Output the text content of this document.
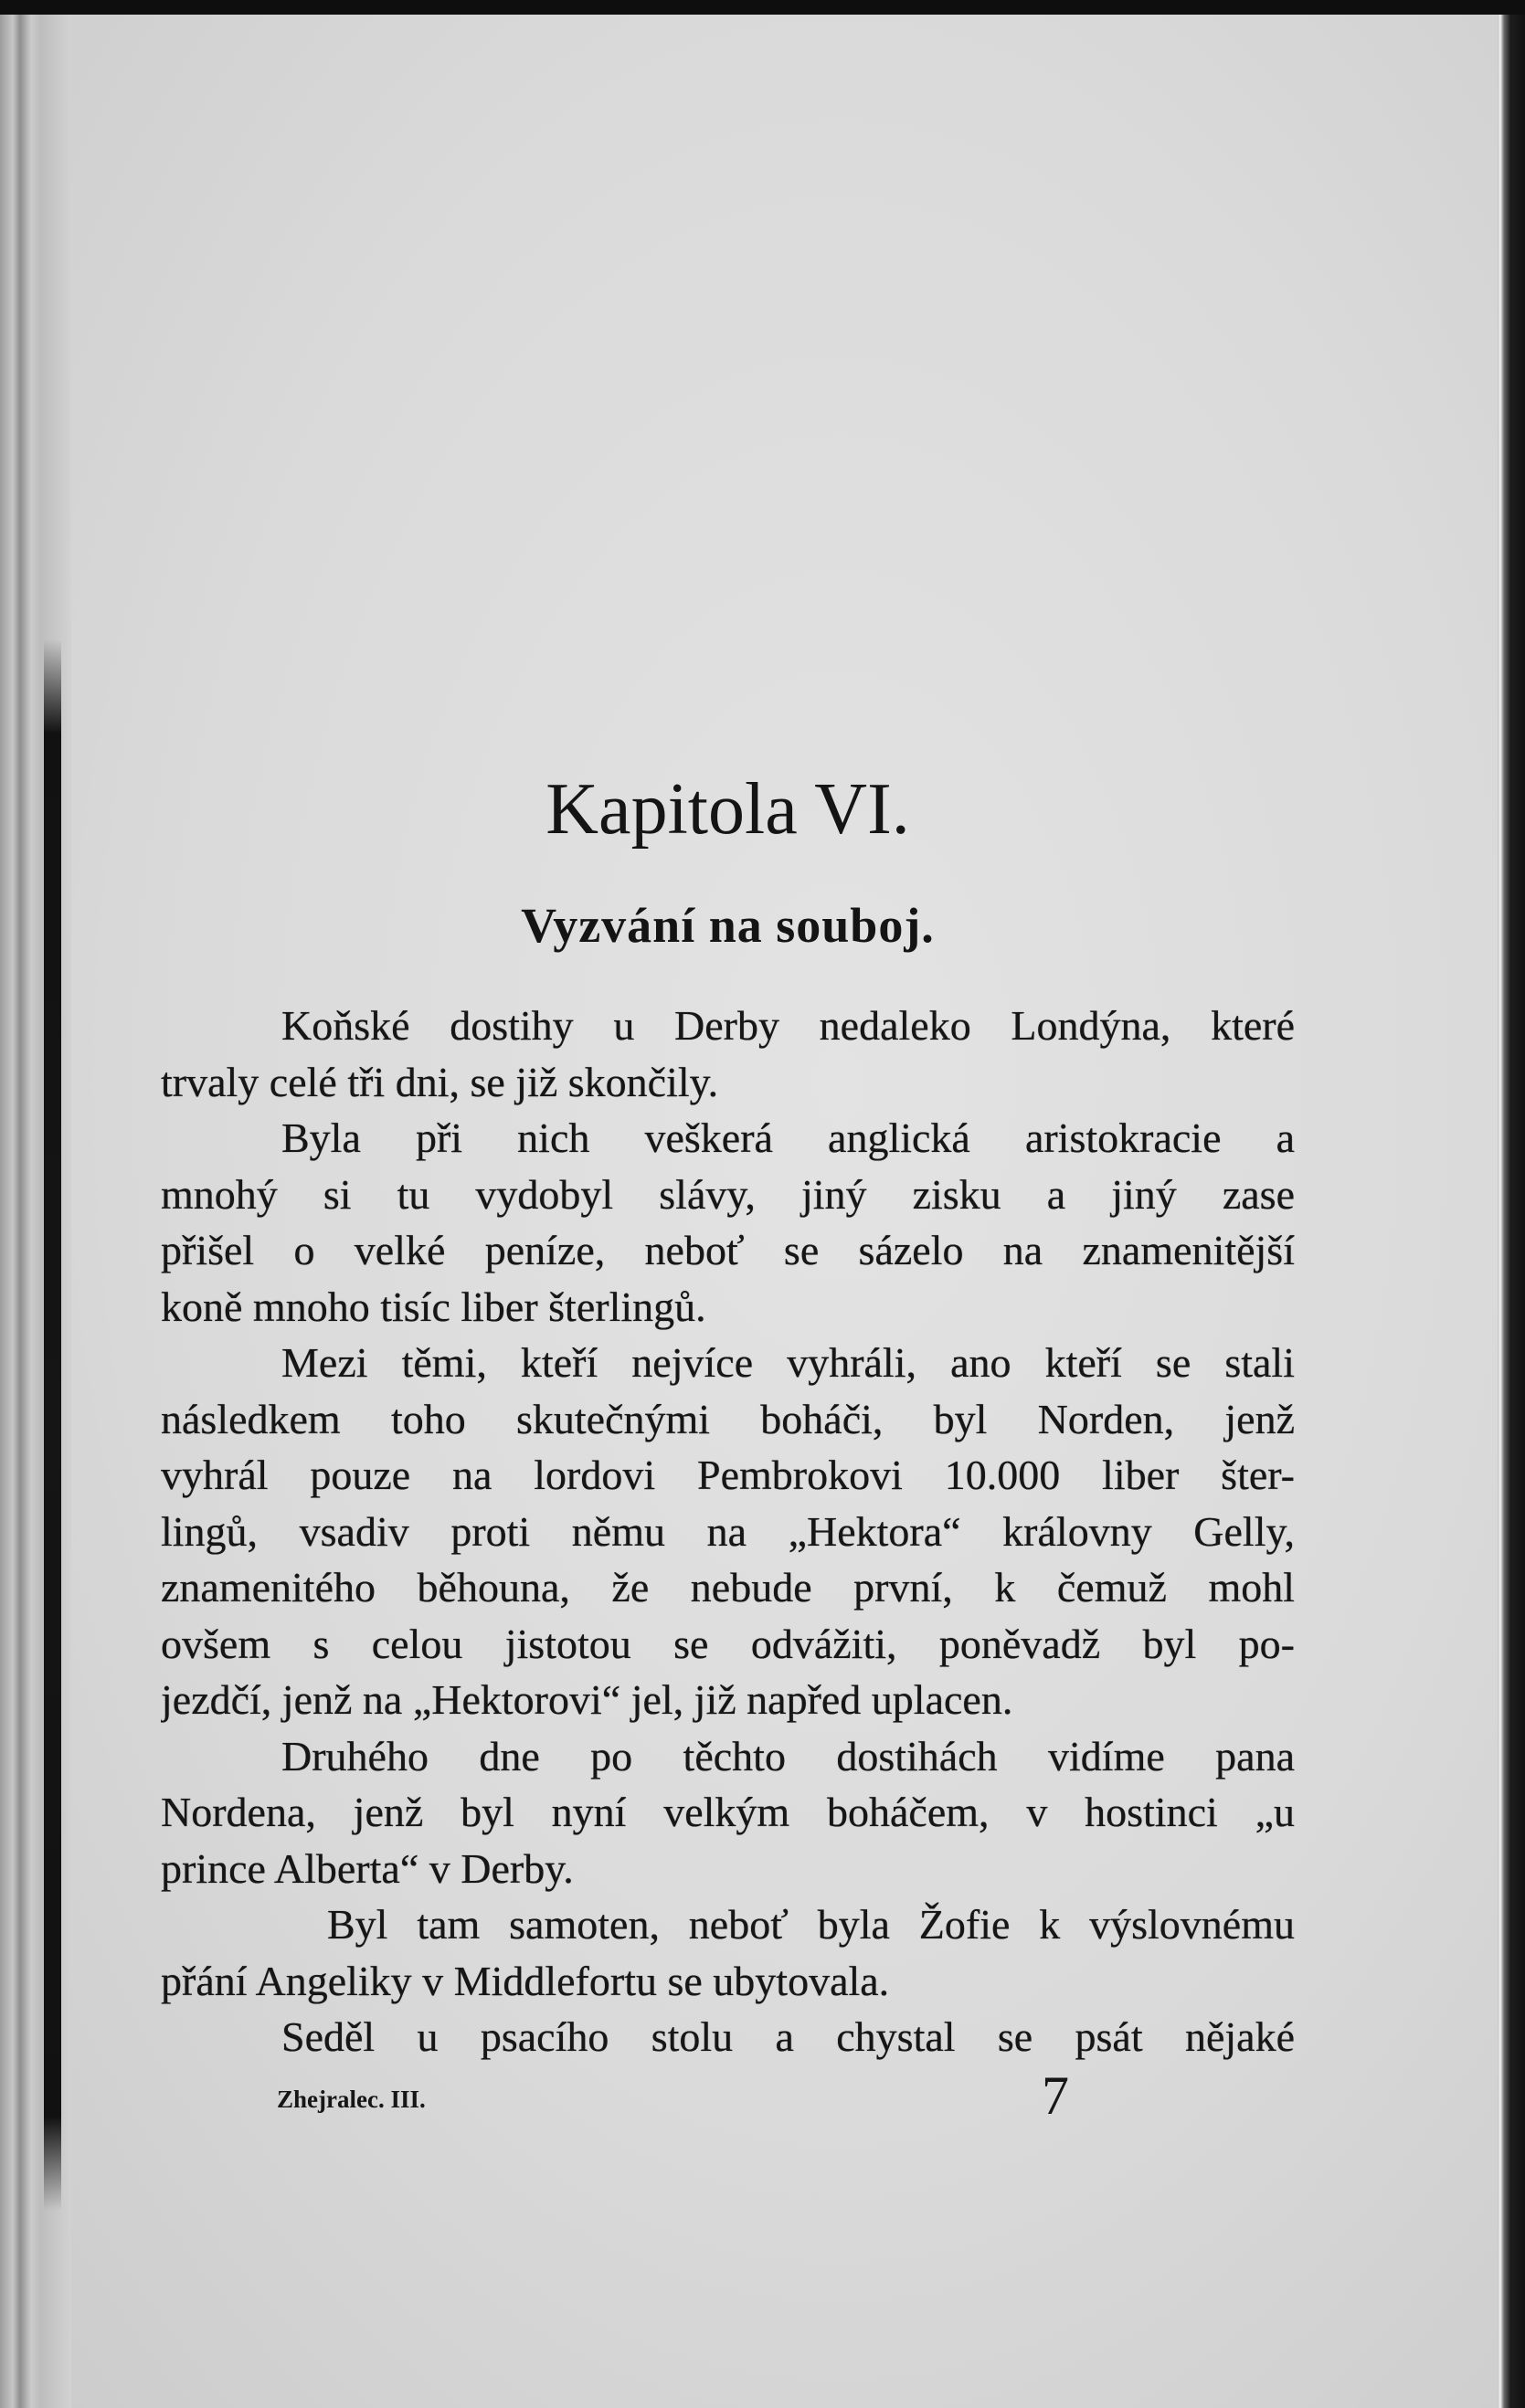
Kapitola VI.
Vyzvání na souboj.
Koňské dostihy u Derby nedaleko Londýna, které
trvaly celé tři dni, se již skončily.
Byla při nich veškerá anglická aristokracie a
mnohý si tu vydobyl slávy, jiný zisku a jiný zase
přišel o velké peníze, neboť se sázelo na znamenitější
koně mnoho tisíc liber šterlingů.
Mezi těmi, kteří nejvíce vyhráli, ano kteří se stali
následkem toho skutečnými boháči, byl Norden, jenž
vyhrál pouze na lordovi Pembrokovi 10.000 liber šter-
lingů, vsadiv proti němu na „Hektora“ královny Gelly,
znamenitého běhouna, že nebude první, k čemuž mohl
ovšem s celou jistotou se odvážiti, poněvadž byl po-
jezdčí, jenž na „Hektorovi“ jel, již napřed uplacen.
Druhého dne po těchto dostihách vidíme pana
Nordena, jenž byl nyní velkým boháčem, v hostinci „u
prince Alberta“ v Derby.
Byl tam samoten, neboť byla Žofie k výslovnému
přání Angeliky v Middlefortu se ubytovala.
Seděl u psacího stolu a chystal se psát nějaké
Zhejralec. III.	7
